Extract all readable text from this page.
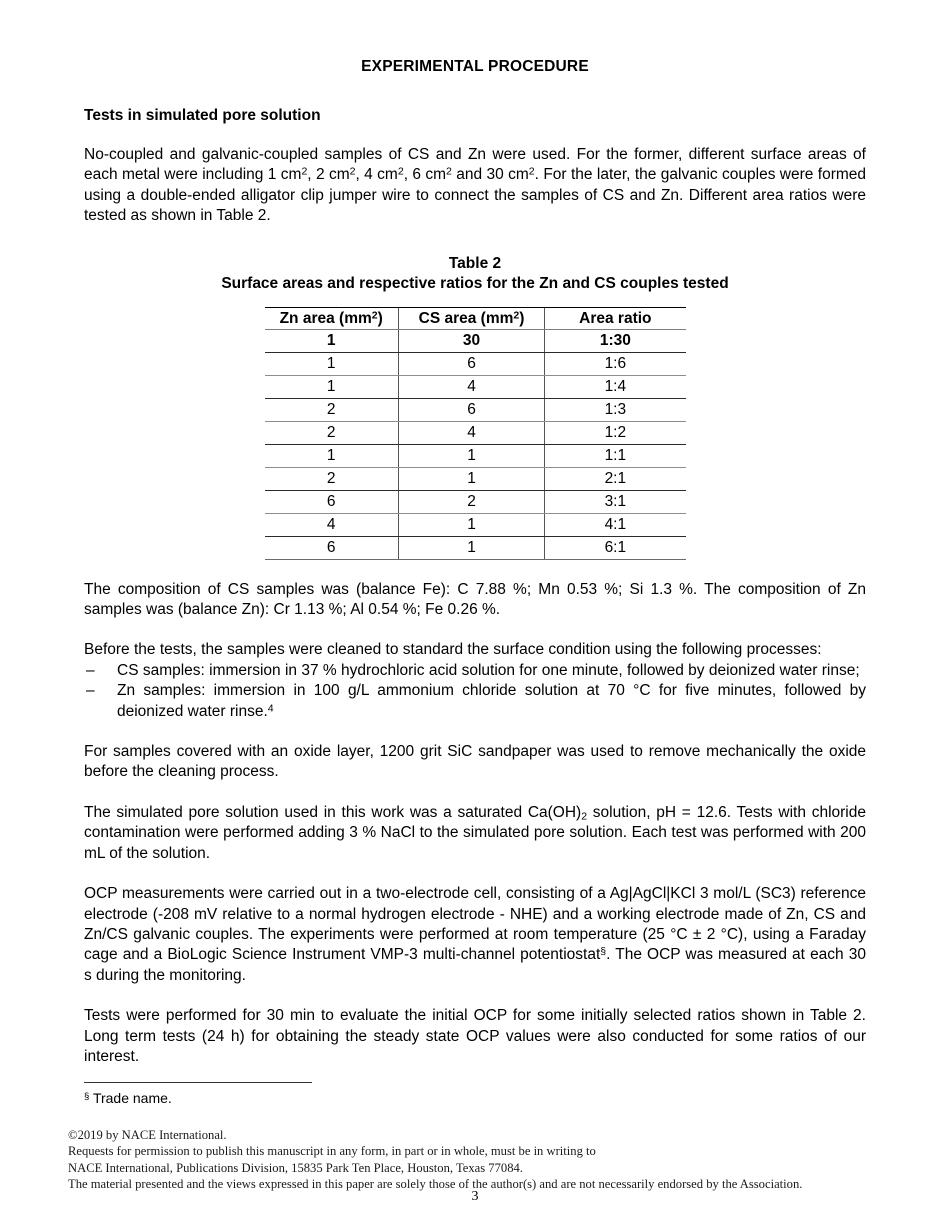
EXPERIMENTAL PROCEDURE
Tests in simulated pore solution

No-coupled and galvanic-coupled samples of CS and Zn were used. For the former, different surface areas of each metal were including 1 $cm^2$, 2 $cm^2$, 4 $cm^2$, 6 $cm^2$ and 30 $cm^2$. For the later, the galvanic couples were formed using a double-ended alligator clip jumper wire to connect the samples of CS and Zn. Different area ratios were tested as shown in Table 2.

Table 2
Surface areas and respective ratios for the Zn and CS couples tested
Zn area $(mm^2)$	CS area $(mm^2)$	Area ratio
1	30	1:30
1	6	1:6
1	4	1:4
2	6	1:3
2	4	1:2
1	1	1:1
2	1	2:1
6	2	3:1
4	1	4:1
6	1	6:1

The composition of CS samples was (balance Fe): C 7.88 %; Mn 0.53 %; Si 1.3 %. The composition of Zn samples was (balance Zn): Cr 1.13 %; Al 0.54 %; Fe 0.26 %.

Before the tests, the samples were cleaned to standard the surface condition using the following processes:

– CS samples: immersion in 37 % hydrochloric acid solution for one minute, followed by deionized water rinse;
– Zn samples: immersion in 100 g/L ammonium chloride solution at 70 °C for five minutes, followed by deionized water rinse.$^4$

For samples covered with an oxide layer, 1200 grit SiC sandpaper was used to remove mechanically the oxide before the cleaning process.

The simulated pore solution used in this work was a saturated $Ca(OH)_2$ solution, pH = 12.6. Tests with chloride contamination were performed adding 3 % NaCl to the simulated pore solution. Each test was performed with 200 mL of the solution.

OCP measurements were carried out in a two-electrode cell, consisting of a Ag|AgCl|KCl 3 mol/L (SC3) reference electrode (-208 mV relative to a normal hydrogen electrode - NHE) and a working electrode made of Zn, CS and Zn/CS galvanic couples. The experiments were performed at room temperature (25 °C ± 2 °C), using a Faraday cage and a BioLogic Science Instrument VMP-3 multi-channel potentiostat§. The OCP was measured at each 30 s during the monitoring.

Tests were performed for 30 min to evaluate the initial OCP for some initially selected ratios shown in Table 2. Long term tests (24 h) for obtaining the steady state OCP values were also conducted for some ratios of our interest.

§ Trade name.
©2019 by NACE International.
Requests for permission to publish this manuscript in any form, in part or in whole, must be in writing to
NACE International, Publications Division, 15835 Park Ten Place, Houston, Texas 77084.
The material presented and the views expressed in this paper are solely those of the author(s) and are not necessarily endorsed by the Association.
3
